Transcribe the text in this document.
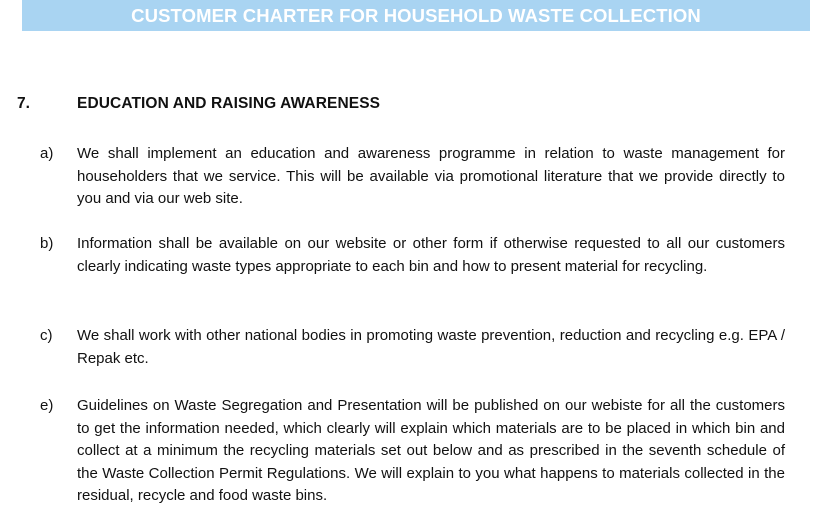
CUSTOMER CHARTER FOR HOUSEHOLD WASTE COLLECTION
7.	EDUCATION AND RAISING AWARENESS
a) We shall implement an education and awareness programme in relation to waste management for householders that we service. This will be available via promotional literature that we provide directly to you and via our web site.

b) Information shall be available on our website or other form if otherwise requested to all our customers clearly indicating waste types appropriate to each bin and how to present material for recycling.

c) We shall work with other national bodies in promoting waste prevention, reduction and recycling e.g. EPA / Repak etc.

e) Guidelines on Waste Segregation and Presentation will be published on our webiste for all the customers to get the information needed, which clearly will explain which materials are to be placed in which bin and collect at a minimum the recycling materials set out below and as prescribed in the seventh schedule of the Waste Collection Permit Regulations. We will explain to you what happens to materials collected in the residual, recycle and food waste bins.
